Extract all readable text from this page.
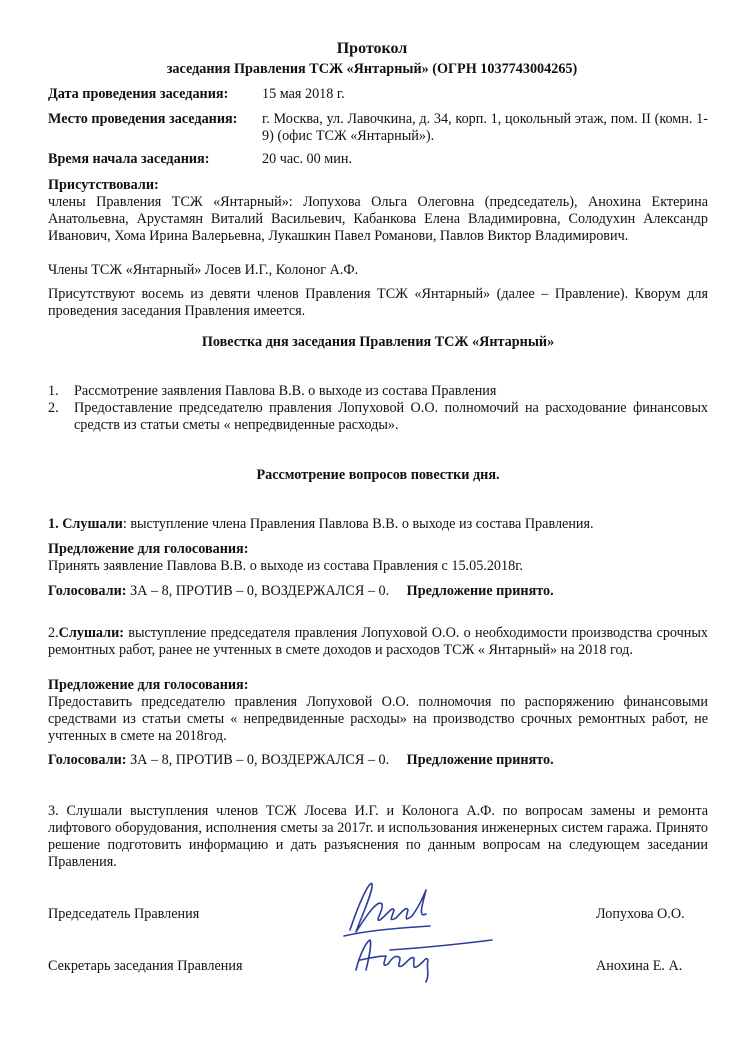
Протокол
заседания Правления ТСЖ «Янтарный» (ОГРН 1037743004265)
Дата проведения заседания: 15 мая 2018 г.
Место проведения заседания: г. Москва, ул. Лавочкина, д. 34, корп. 1, цокольный этаж, пом. II (комн. 1-9) (офис ТСЖ «Янтарный»).
Время начала заседания:	20 час. 00 мин.
Присутствовали:
члены Правления ТСЖ «Янтарный»: Лопухова Ольга Олеговна (председатель), Анохина Ектерина Анатольевна, Арустамян Виталий Васильевич, Кабанкова Елена Владимировна, Солодухин Александр Иванович, Хома Ирина Валерьевна, Лукашкин Павел Романови, Павлов Виктор Владимирович.
Члены ТСЖ «Янтарный» Лосев И.Г., Колоног А.Ф.
Присутствуют восемь из девяти членов Правления ТСЖ «Янтарный» (далее – Правление). Кворум для проведения заседания Правления имеется.
Повестка дня заседания Правления ТСЖ «Янтарный»
1. Рассмотрение заявления Павлова В.В. о выходе из состава Правления
2. Предоставление председателю правления Лопуховой О.О. полномочий на расходование финансовых средств из статьи сметы « непредвиденные расходы».
Рассмотрение вопросов повестки дня.
1. Слушали: выступление члена Правления Павлова В.В. о выходе из состава Правления.
Предложение для голосования:
Принять заявление Павлова В.В. о выходе из состава Правления с 15.05.2018г.
Голосовали: ЗА – 8, ПРОТИВ – 0, ВОЗДЕРЖАЛСЯ – 0. Предложение принято.
2.Слушали: выступление председателя правления Лопуховой О.О. о необходимости производства срочных ремонтных работ, ранее не учтенных в смете доходов и расходов ТСЖ « Янтарный» на 2018 год.
Предложение для голосования:
Предоставить председателю правления Лопуховой О.О. полномочия по распоряжению финансовыми средствами из статьи сметы « непредвиденные расходы» на производство срочных ремонтных работ, не учтенных в смете на 2018год.
Голосовали: ЗА – 8, ПРОТИВ – 0, ВОЗДЕРЖАЛСЯ – 0. Предложение принято.
3. Слушали выступления членов ТСЖ Лосева И.Г. и Колонога А.Ф. по вопросам замены и ремонта лифтового оборудования, исполнения сметы за 2017г. и использования инженерных систем гаража. Принято решение подготовить информацию и дать разъяснения по данным вопросам на следующем заседании Правления.
Председатель Правления	Лопухова О.О.
Секретарь заседания Правления	Анохина Е. А.
